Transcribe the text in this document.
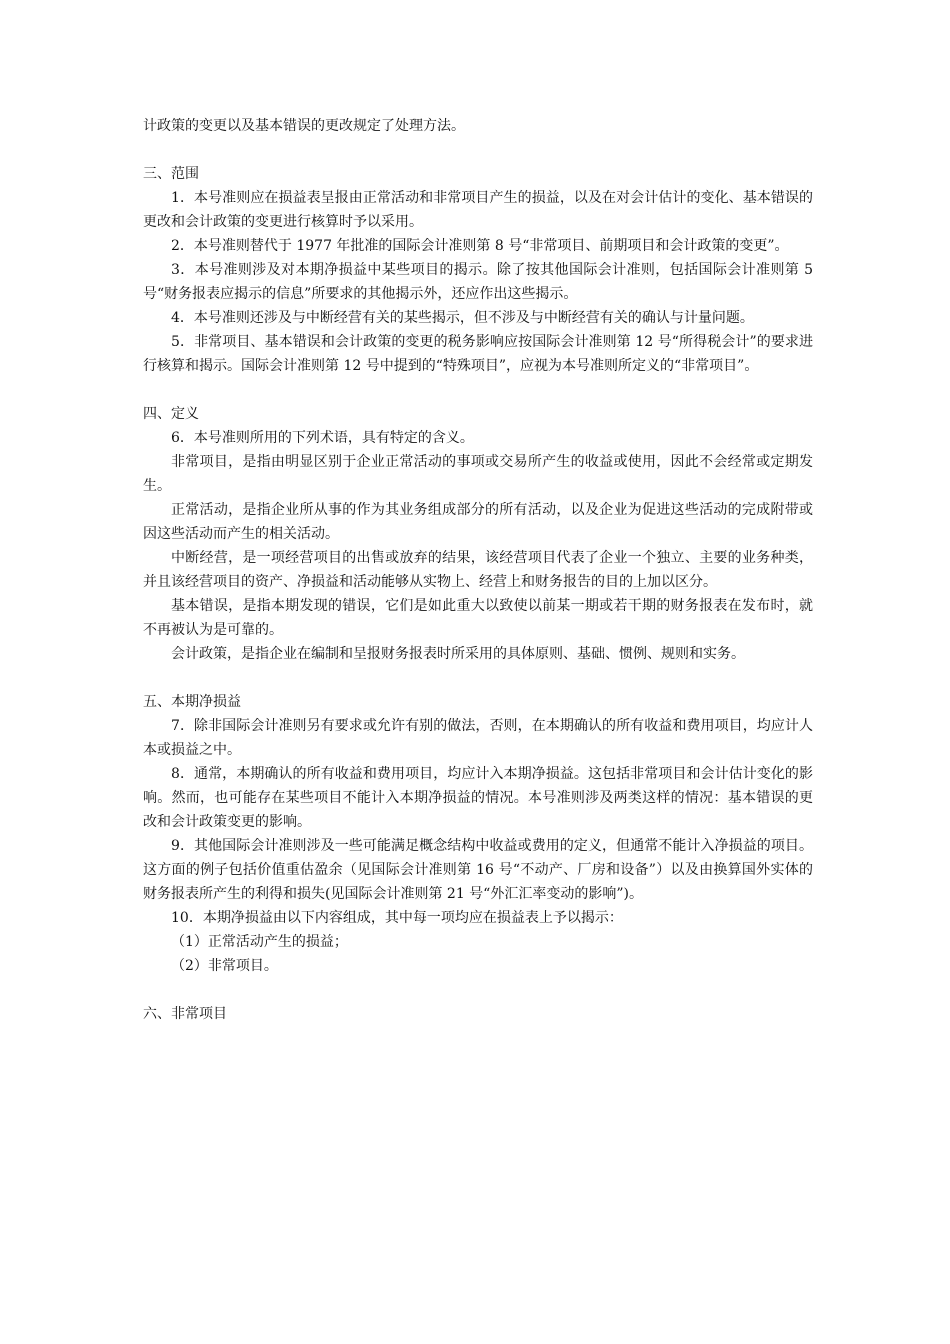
计政策的变更以及基本错误的更改规定了处理方法。

三、范围

1．本号准则应在损益表呈报由正常活动和非常项目产生的损益，以及在对会计估计的变化、基本错误的更改和会计政策的变更进行核算时予以采用。

2．本号准则替代于 1977 年批准的国际会计准则第 8 号“非常项目、前期项目和会计政策的变更”。

3．本号准则涉及对本期净损益中某些项目的揭示。除了按其他国际会计准则，包括国际会计准则第 5 号“财务报表应揭示的信息”所要求的其他揭示外，还应作出这些揭示。

4．本号准则还涉及与中断经营有关的某些揭示，但不涉及与中断经营有关的确认与计量问题。

5．非常项目、基本错误和会计政策的变更的税务影响应按国际会计准则第 12 号“所得税会计”的要求进行核算和揭示。国际会计准则第 12 号中提到的“特殊项目”，应视为本号准则所定义的“非常项目”。

四、定义

6．本号准则所用的下列术语，具有特定的含义。

非常项目，是指由明显区别于企业正常活动的事项或交易所产生的收益或使用，因此不会经常或定期发生。

正常活动，是指企业所从事的作为其业务组成部分的所有活动，以及企业为促进这些活动的完成附带或因这些活动而产生的相关活动。

中断经营，是一项经营项目的出售或放弃的结果，该经营项目代表了企业一个独立、主要的业务种类，并且该经营项目的资产、净损益和活动能够从实物上、经营上和财务报告的目的上加以区分。

基本错误，是指本期发现的错误，它们是如此重大以致使以前某一期或若干期的财务报表在发布时，就不再被认为是可靠的。

会计政策，是指企业在编制和呈报财务报表时所采用的具体原则、基础、惯例、规则和实务。

五、本期净损益

7．除非国际会计准则另有要求或允许有别的做法，否则，在本期确认的所有收益和费用项目，均应计人本或损益之中。

8．通常，本期确认的所有收益和费用项目，均应计入本期净损益。这包括非常项目和会计估计变化的影响。然而，也可能存在某些项目不能计入本期净损益的情况。本号准则涉及两类这样的情况：基本错误的更改和会计政策变更的影响。

9．其他国际会计准则涉及一些可能满足概念结构中收益或费用的定义，但通常不能计入净损益的项目。这方面的例子包括价值重估盈余（见国际会计准则第 16 号“不动产、厂房和设备”）以及由换算国外实体的财务报表所产生的利得和损失(见国际会计准则第 21 号“外汇汇率变动的影响”)。

10．本期净损益由以下内容组成，其中每一项均应在损益表上予以揭示：

（1）正常活动产生的损益；

（2）非常项目。

六、非常项目
